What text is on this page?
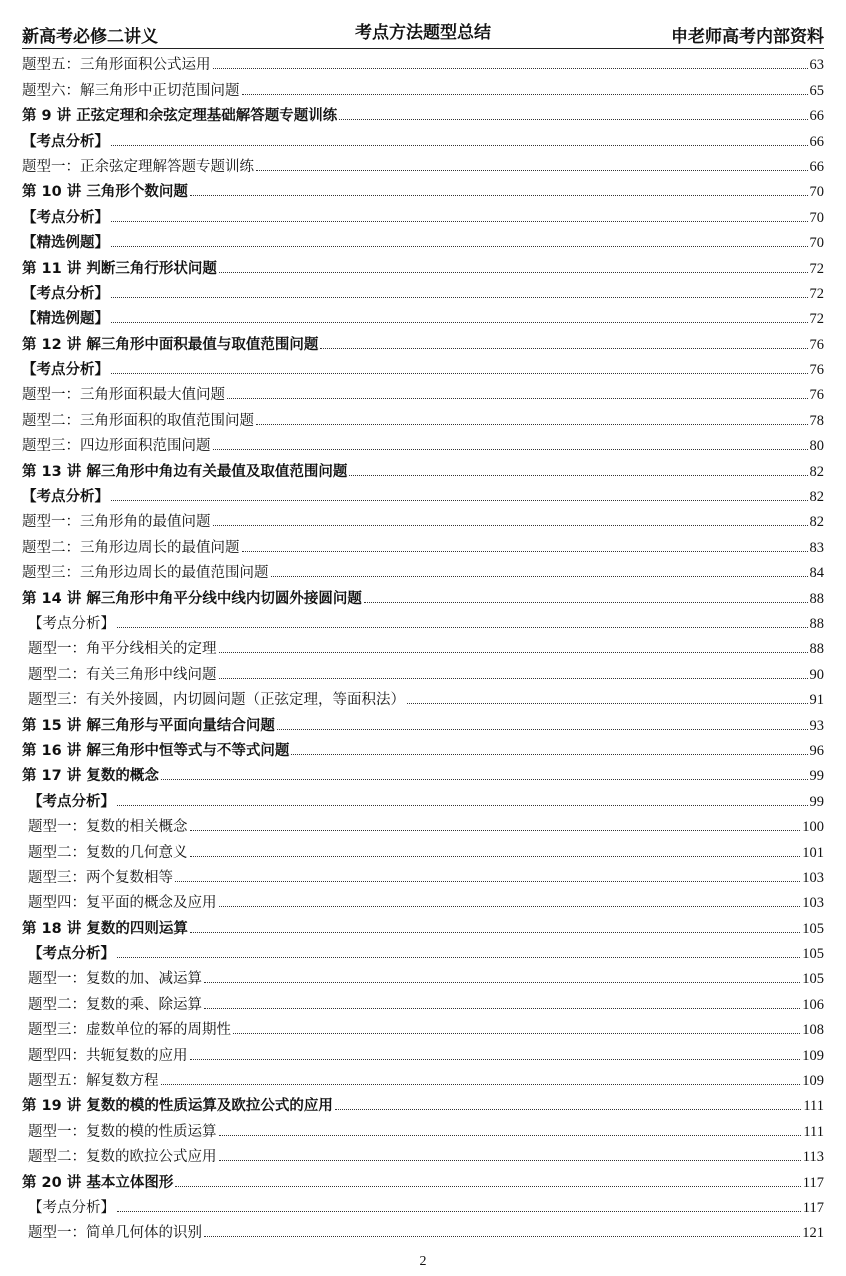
新高考必修二讲义	考点方法题型总结	申老师高考内部资料
题型五：三角形面积公式运用	63
题型六：解三角形中正切范围问题	65
第 9 讲 正弦定理和余弦定理基础解答题专题训练	66
【考点分析】	66
题型一：正余弦定理解答题专题训练	66
第 10 讲 三角形个数问题	70
【考点分析】	70
【精选例题】	70
第 11 讲 判断三角行形状问题	72
【考点分析】	72
【精选例题】	72
第 12 讲 解三角形中面积最值与取值范围问题	76
【考点分析】	76
题型一：三角形面积最大值问题	76
题型二：三角形面积的取值范围问题	78
题型三：四边形面积范围问题	80
第 13 讲 解三角形中角边有关最值及取值范围问题	82
【考点分析】	82
题型一：三角形角的最值问题	82
题型二：三角形边周长的最值问题	83
题型三：三角形边周长的最值范围问题	84
第 14 讲 解三角形中角平分线中线内切圆外接圆问题	88
【考点分析】	88
题型一：角平分线相关的定理	88
题型二：有关三角形中线问题	90
题型三：有关外接圆，内切圆问题（正弦定理，等面积法）	91
第 15 讲 解三角形与平面向量结合问题	93
第 16 讲 解三角形中恒等式与不等式问题	96
第 17 讲 复数的概念	99
【考点分析】	99
题型一：复数的相关概念	100
题型二：复数的几何意义	101
题型三：两个复数相等	103
题型四：复平面的概念及应用	103
第 18 讲 复数的四则运算	105
【考点分析】	105
题型一：复数的加、减运算	105
题型二：复数的乘、除运算	106
题型三：虚数单位的幂的周期性	108
题型四：共轭复数的应用	109
题型五：解复数方程	109
第 19 讲 复数的模的性质运算及欧拉公式的应用	111
题型一：复数的模的性质运算	111
题型二：复数的欧拉公式应用	113
第 20 讲 基本立体图形	117
【考点分析】	117
题型一：简单几何体的识别	121
2
